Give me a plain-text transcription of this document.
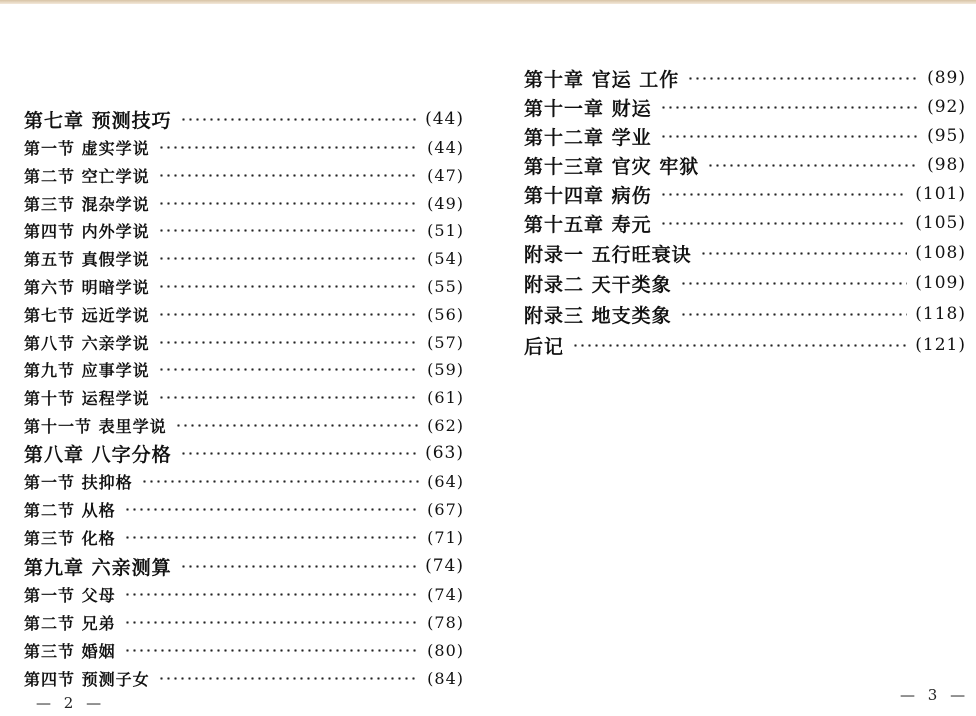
第七章 预测技巧	(44)
第一节 虚实学说	(44)
第二节 空亡学说	(47)
第三节 混杂学说	(49)
第四节 内外学说	(51)
第五节 真假学说	(54)
第六节 明暗学说	(55)
第七节 远近学说	(56)
第八节 六亲学说	(57)
第九节 应事学说	(59)
第十节 运程学说	(61)
第十一节 表里学说	(62)
第八章 八字分格	(63)
第一节 扶抑格	(64)
第二节 从格	(67)
第三节 化格	(71)
第九章 六亲测算	(74)
第一节 父母	(74)
第二节 兄弟	(78)
第三节 婚姻	(80)
第四节 预测子女	(84)
— 2 —
第十章 官运 工作	(89)
第十一章 财运	(92)
第十二章 学业	(95)
第十三章 官灾 牢狱	(98)
第十四章 病伤	(101)
第十五章 寿元	(105)
附录一 五行旺衰诀	(108)
附录二 天干类象	(109)
附录三 地支类象	(118)
后记	(121)
— 3 —
